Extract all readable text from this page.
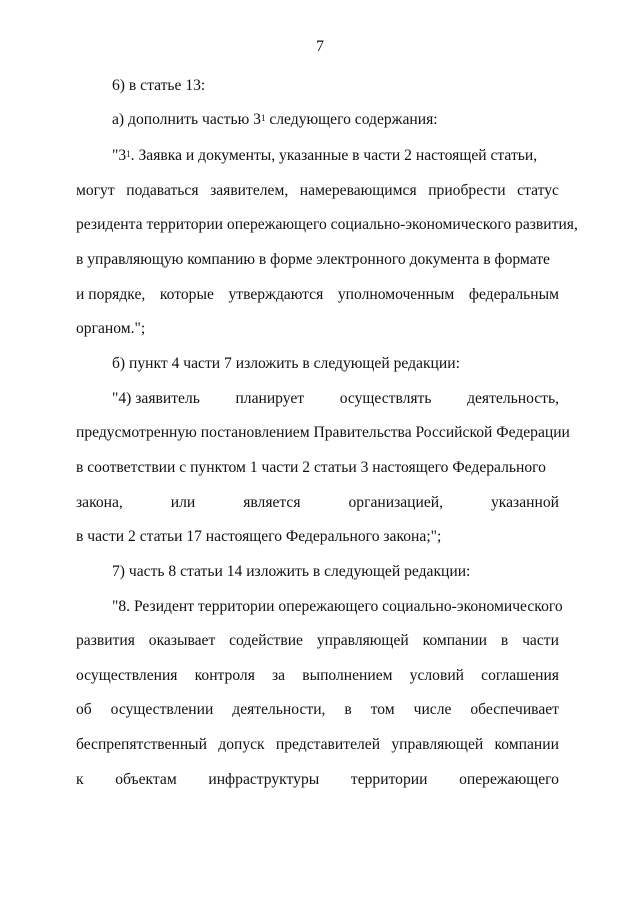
7
6) в статье 13:
а) дополнить частью $3^1$ следующего содержания:
"$3^1$. Заявка и документы, указанные в части 2 настоящей статьи,
могут подаваться заявителем, намеревающимся приобрести статус
резидента территории опережающего социально-экономического развития,
в управляющую компанию в форме электронного документа в формате
и порядке, которые утверждаются уполномоченным федеральным
органом.";
б) пункт 4 части 7 изложить в следующей редакции:
"4) заявитель планирует осуществлять деятельность,
предусмотренную постановлением Правительства Российской Федерации
в соответствии с пунктом 1 части 2 статьи 3 настоящего Федерального
закона,	или	является	организацией,	указанной
в части 2 статьи 17 настоящего Федерального закона;";
7) часть 8 статьи 14 изложить в следующей редакции:
"8. Резидент территории опережающего социально-экономического
развития оказывает содействие управляющей компании в части
осуществления контроля за выполнением условий соглашения
об осуществлении деятельности, в том числе обеспечивает
беспрепятственный допуск представителей управляющей компании
к объектам инфраструктуры территории опережающего
